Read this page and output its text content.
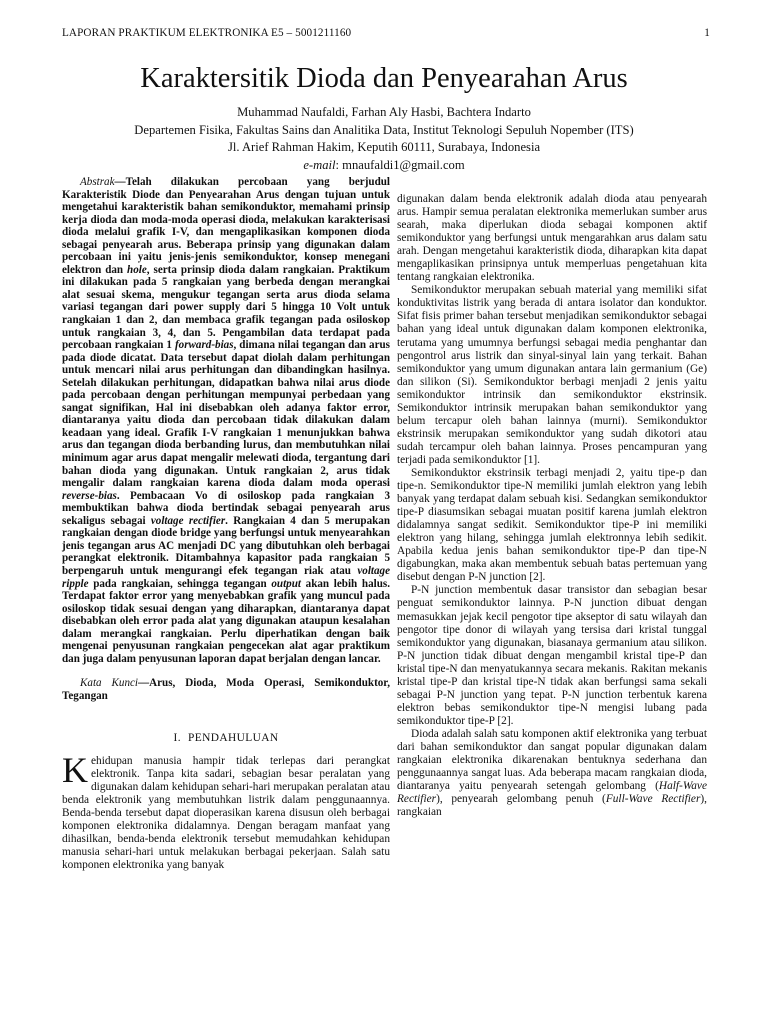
LAPORAN PRAKTIKUM ELEKTRONIKA E5 – 5001211160	1
Karaktersitik Dioda dan Penyearahan Arus
Muhammad Naufaldi, Farhan Aly Hasbi, Bachtera Indarto
Departemen Fisika, Fakultas Sains dan Analitika Data, Institut Teknologi Sepuluh Nopember (ITS)
Jl. Arief Rahman Hakim, Keputih 60111, Surabaya, Indonesia
e-mail: mnaufaldi1@gmail.com

Abstrak—Telah dilakukan percobaan yang berjudul Karakteristik Diode dan Penyearahan Arus dengan tujuan untuk mengetahui karakteristik bahan semikonduktor, memahami prinsip kerja dioda dan moda-moda operasi dioda, melakukan karakterisasi dioda melalui grafik I-V, dan mengaplikasikan komponen dioda sebagai penyearah arus. Beberapa prinsip yang digunakan dalam percobaan ini yaitu jenis-jenis semikonduktor, konsep menegani elektron dan hole, serta prinsip dioda dalam rangkaian. Praktikum ini dilakukan pada 5 rangkaian yang berbeda dengan merangkai alat sesuai skema, mengukur tegangan serta arus dioda selama variasi tegangan dari power supply dari 5 hingga 10 Volt untuk rangkaian 1 dan 2, dan membaca grafik tegangan pada osiloskop untuk rangkaian 3, 4, dan 5. Pengambilan data terdapat pada percobaan rangkaian 1 forward-bias, dimana nilai tegangan dan arus pada diode dicatat. Data tersebut dapat diolah dalam perhitungan untuk mencari nilai arus perhitungan dan dibandingkan hasilnya. Setelah dilakukan perhitungan, didapatkan bahwa nilai arus diode pada percobaan dengan perhitungan mempunyai perbedaan yang sangat signifikan, Hal ini disebabkan oleh adanya faktor error, diantaranya yaitu dioda dan percobaan tidak dilakukan dalam keadaan yang ideal. Grafik I-V rangkaian 1 menunjukkan bahwa arus dan tegangan dioda berbanding lurus, dan membutuhkan nilai minimum agar arus dapat mengalir melewati dioda, tergantung dari bahan dioda yang digunakan. Untuk rangkaian 2, arus tidak mengalir dalam rangkaian karena dioda dalam moda operasi reverse-bias. Pembacaan Vo di osiloskop pada rangkaian 3 membuktikan bahwa dioda bertindak sebagai penyearah arus sekaligus sebagai voltage rectifier. Rangkaian 4 dan 5 merupakan rangkaian dengan diode bridge yang berfungsi untuk menyearahkan jenis tegangan arus AC menjadi DC yang dibutuhkan oleh berbagai perangkat elektronik. Ditambahnya kapasitor pada rangkaian 5 berpengaruh untuk mengurangi efek tegangan riak atau voltage ripple pada rangkaian, sehingga tegangan output akan lebih halus. Terdapat faktor error yang menyebabkan grafik yang muncul pada osiloskop tidak sesuai dengan yang diharapkan, diantaranya dapat disebabkan oleh error pada alat yang digunakan ataupun kesalahan dalam merangkai rangkaian. Perlu diperhatikan dengan baik mengenai penyusunan rangkaian pengecekan alat agar praktikum dan juga dalam penyusunan laporan dapat berjalan dengan lancar.

Kata Kunci—Arus, Dioda, Moda Operasi, Semikonduktor, Tegangan

I. PENDAHULUAN

Kehidupan manusia hampir tidak terlepas dari perangkat elektronik. Tanpa kita sadari, sebagian besar peralatan yang digunakan dalam kehidupan sehari-hari merupakan peralatan atau benda elektronik yang membutuhkan listrik dalam penggunaannya. Benda-benda tersebut dapat dioperasikan karena disusun oleh berbagai komponen elektronika didalamnya. Dengan beragam manfaat yang dihasilkan, benda-benda elektronik tersebut memudahkan kehidupan manusia sehari-hari untuk melakukan berbagai pekerjaan. Salah satu komponen elektronika yang banyak

digunakan dalam benda elektronik adalah dioda atau penyearah arus. Hampir semua peralatan elektronika memerlukan sumber arus searah, maka diperlukan dioda sebagai komponen aktif semikonduktor yang berfungsi untuk mengarahkan arus dalam satu arah. Dengan mengetahui karakteristik dioda, diharapkan kita dapat mengaplikasikan prinsipnya untuk memperluas pengetahuan kita tentang rangkaian elektronika.

Semikonduktor merupakan sebuah material yang memiliki sifat konduktivitas listrik yang berada di antara isolator dan konduktor. Sifat fisis primer bahan tersebut menjadikan semikonduktor sebagai bahan yang ideal untuk digunakan dalam komponen elektronika, terutama yang umumnya berfungsi sebagai media penghantar dan pengontrol arus listrik dan sinyal-sinyal lain yang terkait. Bahan semikonduktor yang umum digunakan antara lain germanium (Ge) dan silikon (Si). Semikonduktor berbagi menjadi 2 jenis yaitu semikonduktor intrinsik dan semikonduktor ekstrinsik. Semikonduktor intrinsik merupakan bahan semikonduktor yang belum tercapur oleh bahan lainnya (murni). Semikonduktor ekstrinsik merupakan semikonduktor yang sudah dikotori atau sudah tercampur oleh bahan lainnya. Proses pencampuran yang terjadi pada semikonduktor [1].

Semikonduktor ekstrinsik terbagi menjadi 2, yaitu tipe-p dan tipe-n. Semikonduktor tipe-N memiliki jumlah elektron yang lebih banyak yang terdapat dalam sebuah kisi. Sedangkan semikonduktor tipe-P diasumsikan sebagai muatan positif karena jumlah elektron didalamnya sangat sedikit. Semikonduktor tipe-P ini memiliki elektron yang hilang, sehingga jumlah elektronnya lebih sedikit. Apabila kedua jenis bahan semikonduktor tipe-P dan tipe-N digabungkan, maka akan membentuk sebuah batas pertemuan yang disebut dengan P-N junction [2].

P-N junction membentuk dasar transistor dan sebagian besar penguat semikonduktor lainnya. P-N junction dibuat dengan memasukkan jejak kecil pengotor tipe akseptor di satu wilayah dan pengotor tipe donor di wilayah yang tersisa dari kristal tunggal semikonduktor yang digunakan, biasanaya germanium atau silikon. P-N junction tidak dibuat dengan mengambil kristal tipe-P dan kristal tipe-N dan menyatukannya secara mekanis. Rakitan mekanis kristal tipe-P dan kristal tipe-N tidak akan berfungsi sama sekali sebagai P-N junction yang tepat. P-N junction terbentuk karena elektron bebas semikonduktor tipe-N mengisi lubang pada semikonduktor tipe-P [2].

Dioda adalah salah satu komponen aktif elektronika yang terbuat dari bahan semikonduktor dan sangat popular digunakan dalam rangkaian elektronika dikarenakan bentuknya sederhana dan penggunaannya sangat luas. Ada beberapa macam rangkaian dioda, diantaranya yaitu penyearah setengah gelombang (Half-Wave Rectifier), penyearah gelombang penuh (Full-Wave Rectifier), rangkaian
